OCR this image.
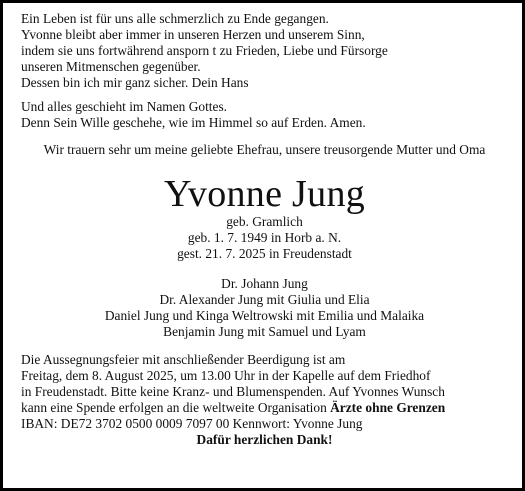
Ein Leben ist für uns alle schmerzlich zu Ende gegangen.
Yvonne bleibt aber immer in unseren Herzen und unserem Sinn,
indem sie uns fortwährend ansporn t zu Frieden, Liebe und Fürsorge
unseren Mitmenschen gegenüber.
Dessen bin ich mir ganz sicher. Dein Hans
Und alles geschieht im Namen Gottes.
Denn Sein Wille geschehe, wie im Himmel so auf Erden. Amen.
Wir trauern sehr um meine geliebte Ehefrau, unsere treusorgende Mutter und Oma
Yvonne Jung
geb. Gramlich
geb. 1. 7. 1949 in Horb a. N.
gest. 21. 7. 2025 in Freudenstadt
Dr. Johann Jung
Dr. Alexander Jung mit Giulia und Elia
Daniel Jung und Kinga Weltrowski mit Emilia und Malaika
Benjamin Jung mit Samuel und Lyam
Die Aussegnungsfeier mit anschließender Beerdigung ist am
Freitag, dem 8. August 2025, um 13.00 Uhr in der Kapelle auf dem Friedhof
in Freudenstadt. Bitte keine Kranz- und Blumenspenden. Auf Yvonnes Wunsch
kann eine Spende erfolgen an die weltweite Organisation Ärzte ohne Grenzen
IBAN: DE72 3702 0500 0009 7097 00 Kennwort: Yvonne Jung
Dafür herzlichen Dank!
